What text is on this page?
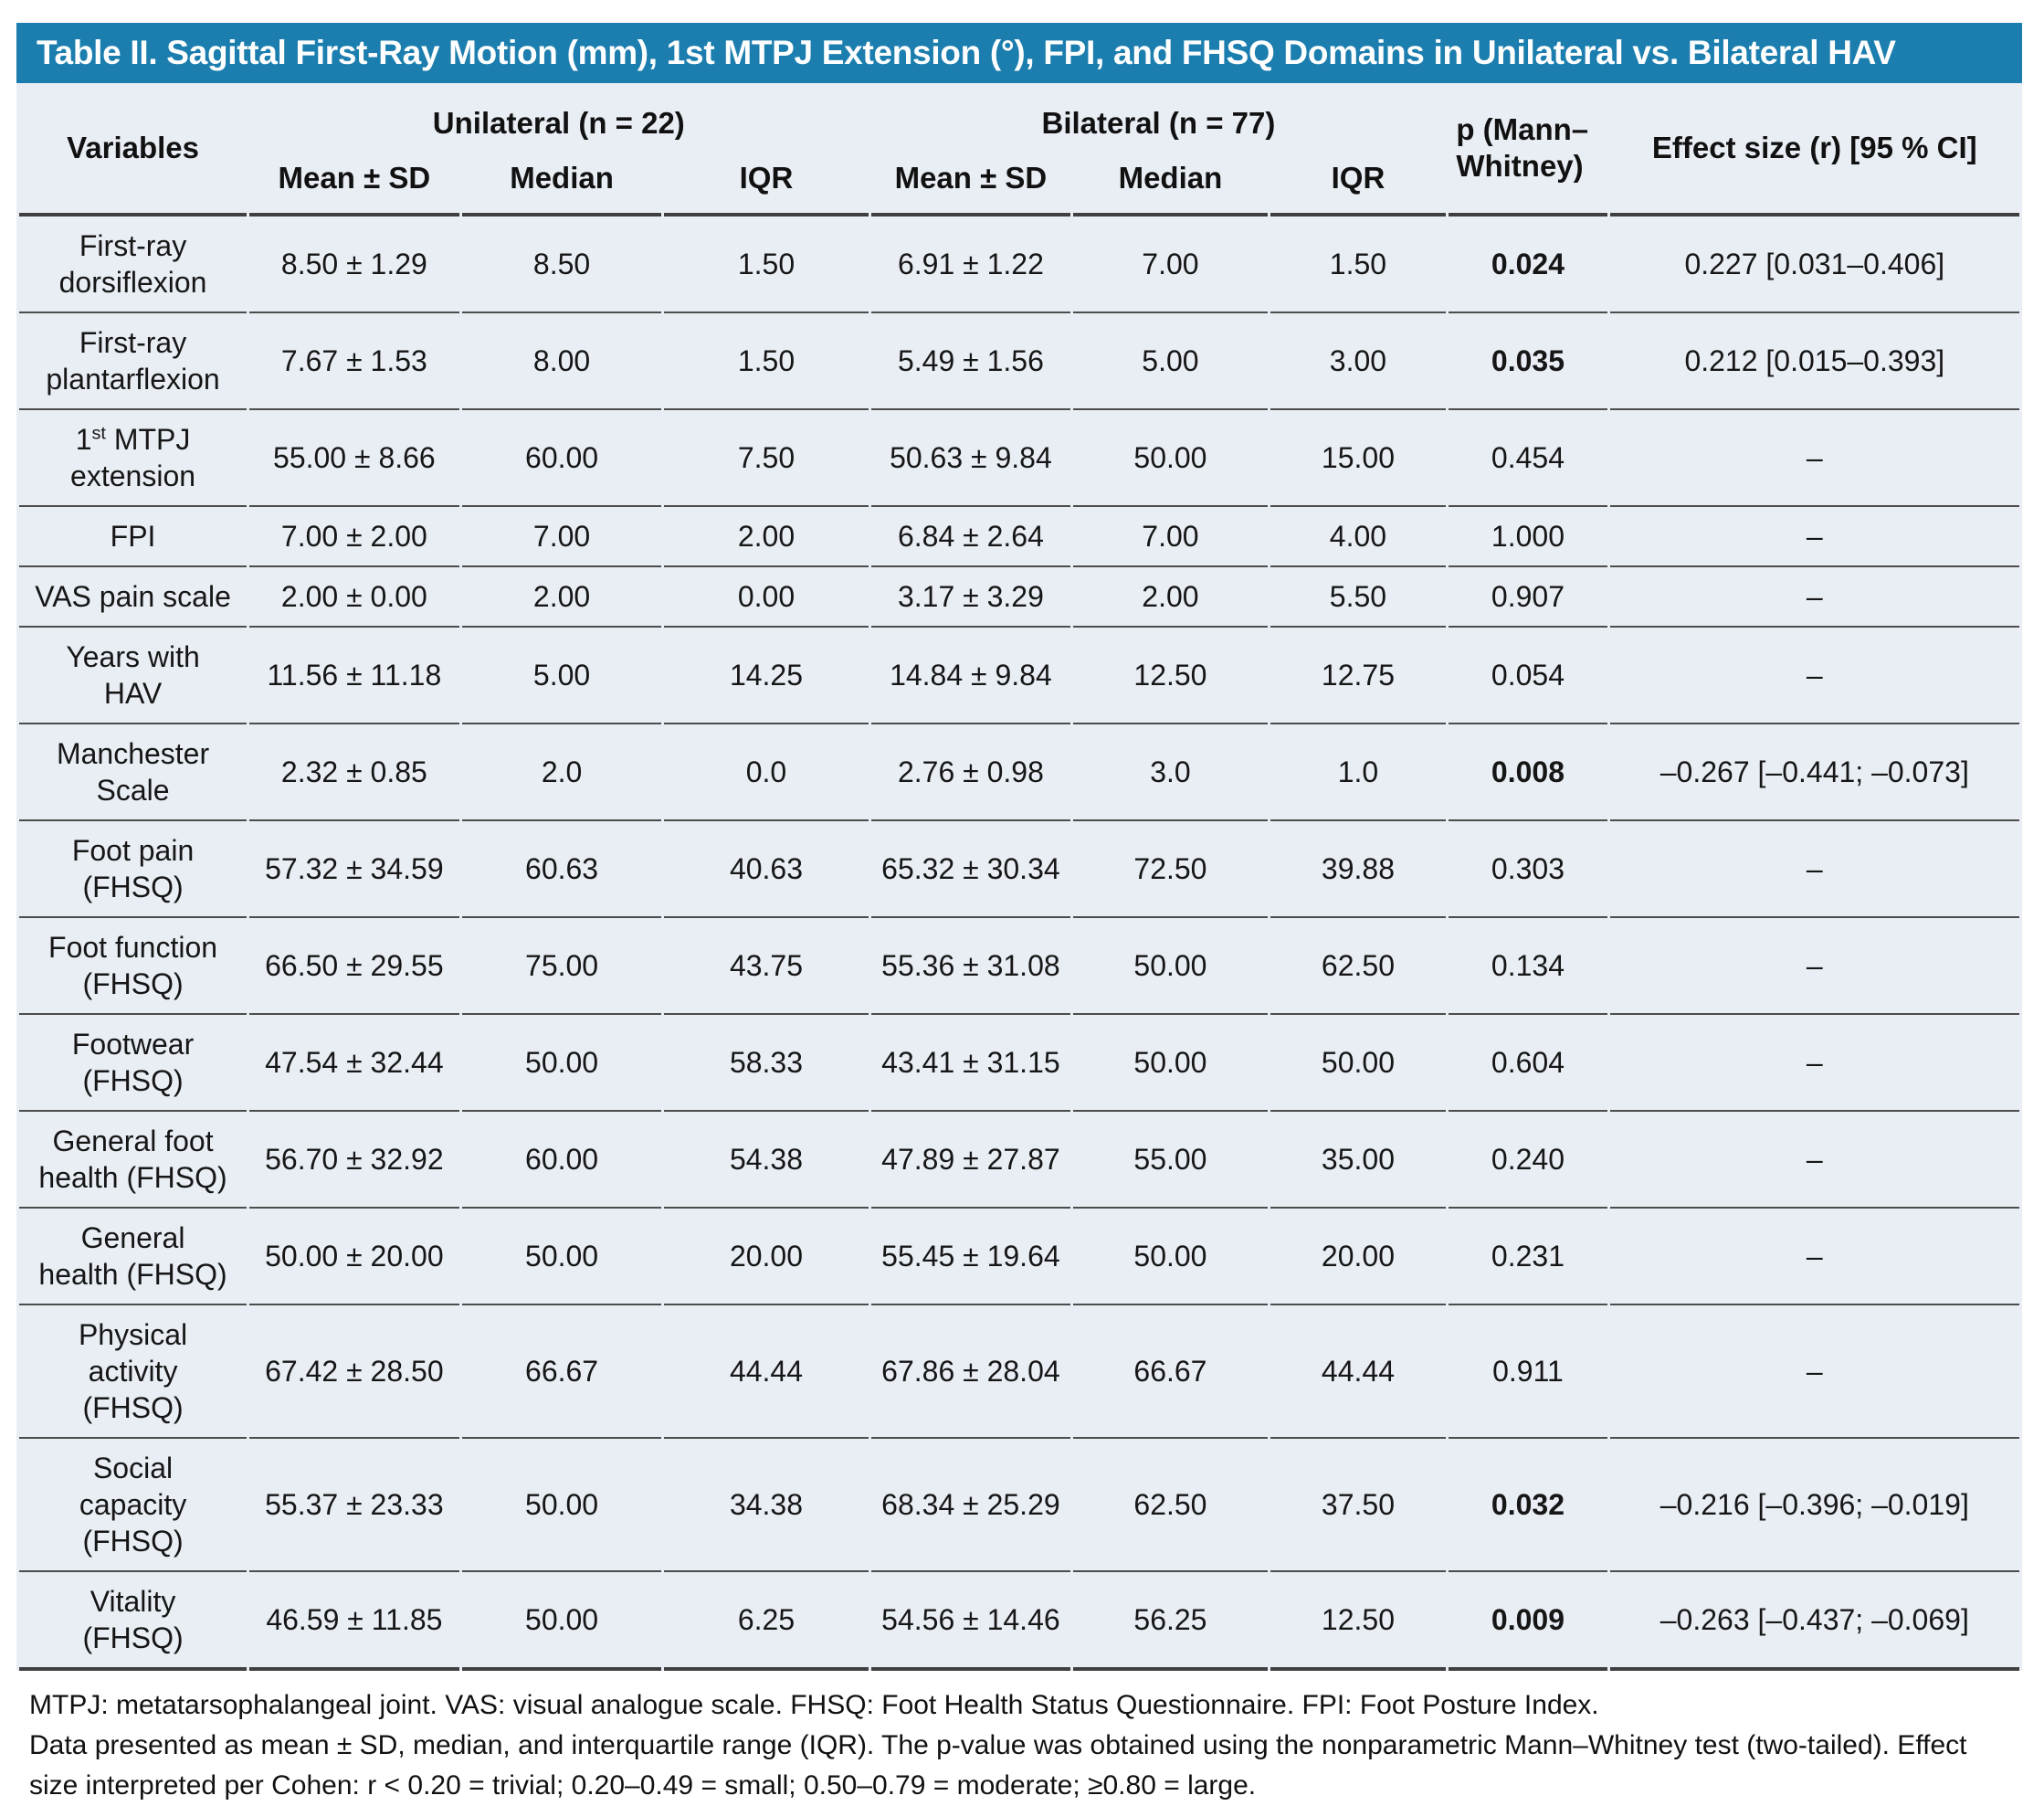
Table II. Sagittal First-Ray Motion (mm), 1st MTPJ Extension (°), FPI, and FHSQ Domains in Unilateral vs. Bilateral HAV
Variables	Unilateral (n = 22)			Bilateral (n = 77)			p (Mann–Whitney)	Effect size (r) [95 % CI]
	Mean ± SD	Median	IQR	Mean ± SD	Median	IQR		
First-ray
dorsiflexion	8.50 ± 1.29	8.50	1.50	6.91 ± 1.22	7.00	1.50	0.024	0.227 [0.031–0.406]
First-ray
plantarflexion	7.67 ± 1.53	8.00	1.50	5.49 ± 1.56	5.00	3.00	0.035	0.212 [0.015–0.393]
1st MTPJ
extension	55.00 ± 8.66	60.00	7.50	50.63 ± 9.84	50.00	15.00	0.454	–
FPI	7.00 ± 2.00	7.00	2.00	6.84 ± 2.64	7.00	4.00	1.000	–
VAS pain scale	2.00 ± 0.00	2.00	0.00	3.17 ± 3.29	2.00	5.50	0.907	–
Years with
HAV	11.56 ± 11.18	5.00	14.25	14.84 ± 9.84	12.50	12.75	0.054	–
Manchester
Scale	2.32 ± 0.85	2.0	0.0	2.76 ± 0.98	3.0	1.0	0.008	–0.267 [–0.441; –0.073]
Foot pain
(FHSQ)	57.32 ± 34.59	60.63	40.63	65.32 ± 30.34	72.50	39.88	0.303	–
Foot function
(FHSQ)	66.50 ± 29.55	75.00	43.75	55.36 ± 31.08	50.00	62.50	0.134	–
Footwear
(FHSQ)	47.54 ± 32.44	50.00	58.33	43.41 ± 31.15	50.00	50.00	0.604	–
General foot
health (FHSQ)	56.70 ± 32.92	60.00	54.38	47.89 ± 27.87	55.00	35.00	0.240	–
General
health (FHSQ)	50.00 ± 20.00	50.00	20.00	55.45 ± 19.64	50.00	20.00	0.231	–
Physical
activity
(FHSQ)	67.42 ± 28.50	66.67	44.44	67.86 ± 28.04	66.67	44.44	0.911	–
Social
capacity
(FHSQ)	55.37 ± 23.33	50.00	34.38	68.34 ± 25.29	62.50	37.50	0.032	–0.216 [–0.396; –0.019]
Vitality
(FHSQ)	46.59 ± 11.85	50.00	6.25	54.56 ± 14.46	56.25	12.50	0.009	–0.263 [–0.437; –0.069]

MTPJ: metatarsophalangeal joint. VAS: visual analogue scale. FHSQ: Foot Health Status Questionnaire. FPI: Foot Posture Index.

Data presented as mean ± SD, median, and interquartile range (IQR). The p-value was obtained using the nonparametric Mann–Whitney test (two-tailed). Effect size interpreted per Cohen: r < 0.20 = trivial; 0.20–0.49 = small; 0.50–0.79 = moderate; ≥0.80 = large.
